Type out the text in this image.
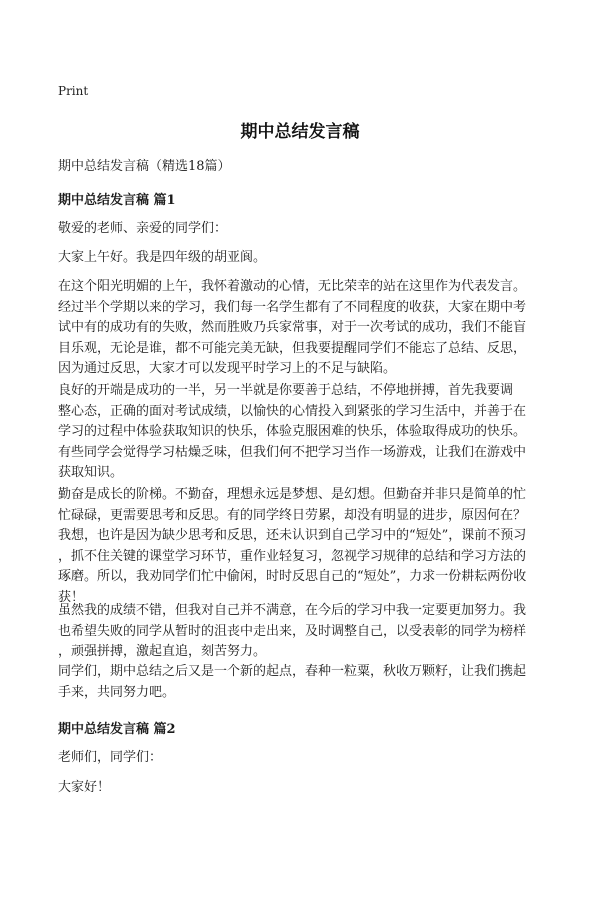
Print
期中总结发言稿
期中总结发言稿（精选18篇）
期中总结发言稿 篇1
敬爱的老师、亲爱的同学们：
大家上午好。我是四年级的胡亚阆。
在这个阳光明媚的上午，我怀着激动的心情，无比荣幸的站在这里作为代表发言。
经过半个学期以来的学习，我们每一名学生都有了不同程度的收获，大家在期中考
试中有的成功有的失败，然而胜败乃兵家常事，对于一次考试的成功，我们不能盲
目乐观，无论是谁，都不可能完美无缺，但我要提醒同学们不能忘了总结、反思，
因为通过反思，大家才可以发现平时学习上的不足与缺陷。
良好的开端是成功的一半，另一半就是你要善于总结，不停地拼搏，首先我要调
整心态，正确的面对考试成绩，以愉快的心情投入到紧张的学习生活中，并善于在
学习的过程中体验获取知识的快乐，体验克服困难的快乐，体验取得成功的快乐。
有些同学会觉得学习枯燥乏味，但我们何不把学习当作一场游戏，让我们在游戏中
获取知识。
勤奋是成长的阶梯。不勤奋，理想永远是梦想、是幻想。但勤奋并非只是简单的忙
忙碌碌，更需要思考和反思。有的同学终日劳累，却没有明显的进步，原因何在？
我想，也许是因为缺少思考和反思，还未认识到自己学习中的“短处”，课前不预习
，抓不住关键的课堂学习环节，重作业轻复习，忽视学习规律的总结和学习方法的
琢磨。所以，我劝同学们忙中偷闲，时时反思自己的“短处”，力求一份耕耘两份收
获！
虽然我的成绩不错，但我对自己并不满意，在今后的学习中我一定要更加努力。我
也希望失败的同学从暂时的沮丧中走出来，及时调整自己，以受表彰的同学为榜样
，顽强拼搏，激起直追，刻苦努力。
同学们，期中总结之后又是一个新的起点，春种一粒粟，秋收万颗籽，让我们携起
手来，共同努力吧。
期中总结发言稿 篇2
老师们，同学们：
大家好！
